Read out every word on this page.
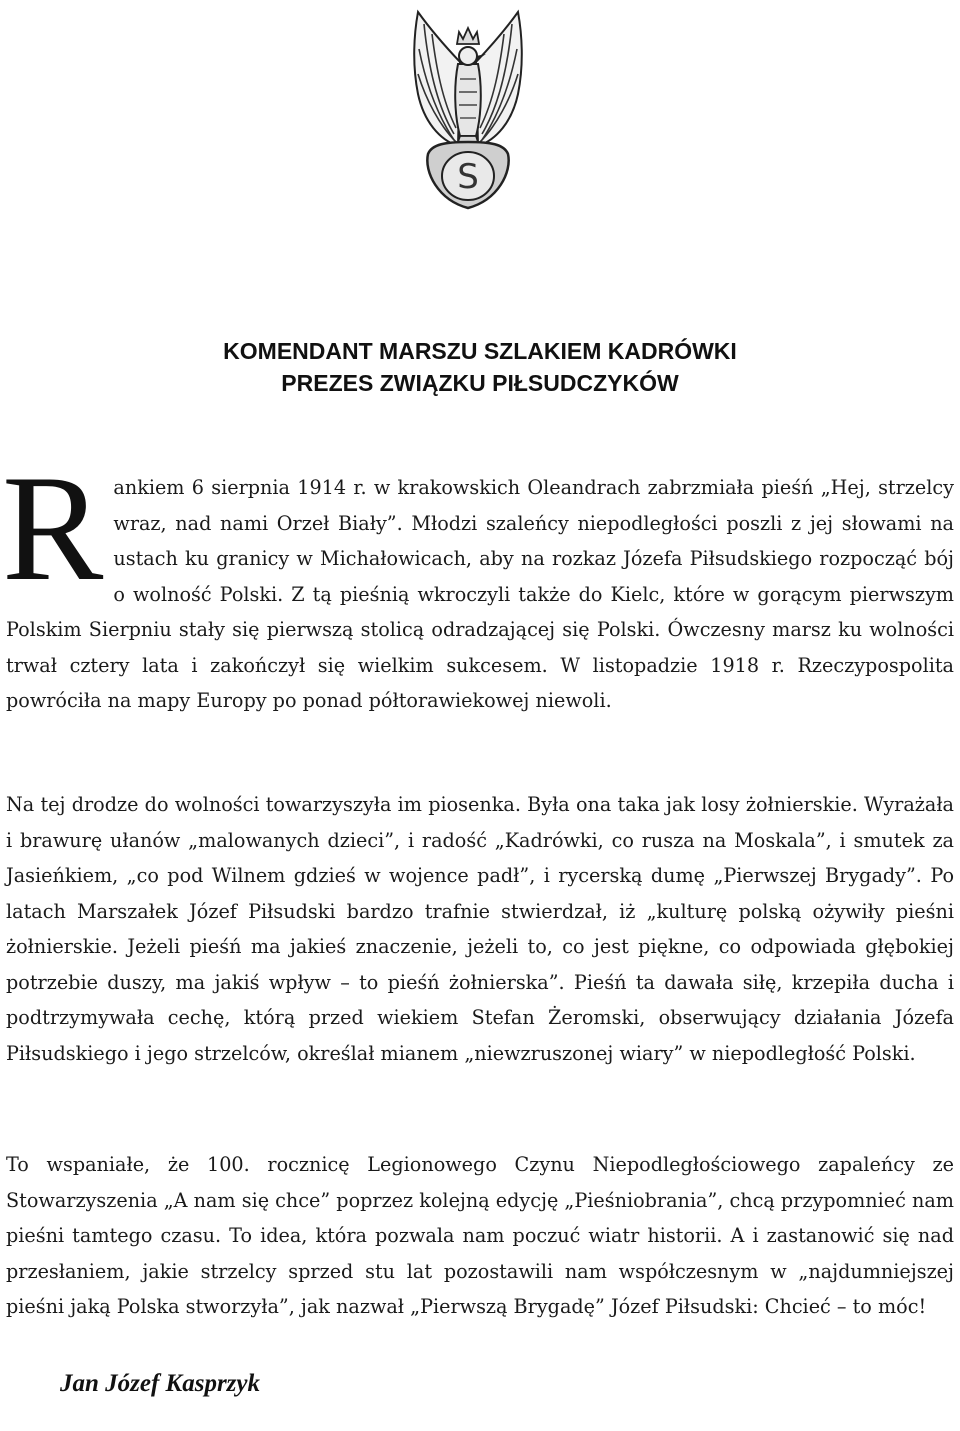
S
KOMENDANT MARSZU SZLAKIEM KADRÓWKI
PREZES ZWIĄZKU PIŁSUDCZYKÓW
R ankiem 6 sierpnia 1914 r. w krakowskich Oleandrach zabrzmiała pieśń „Hej, strzelcy wraz, nad nami Orzeł Biały”. Młodzi szaleńcy niepodległości poszli z jej słowami na ustach ku granicy w Michałowicach, aby na rozkaz Józefa Piłsudskiego rozpocząć bój o wolność Polski. Z tą pieśnią wkroczyli także do Kielc, które w gorącym pierwszym Polskim Sierpniu stały się pierwszą stolicą odradzającej się Polski. Ówczesny marsz ku wolności trwał cztery lata i zakończył się wielkim sukcesem. W listopadzie 1918 r. Rzeczypospolita powróciła na mapy Europy po ponad półtorawiekowej niewoli.
Na tej drodze do wolności towarzyszyła im piosenka. Była ona taka jak losy żołnierskie. Wyrażała i brawurę ułanów „malowanych dzieci”, i radość „Kadrówki, co rusza na Moskala”, i smutek za Jasieńkiem, „co pod Wilnem gdzieś w wojence padł”, i rycerską dumę „Pierwszej Brygady”. Po latach Marszałek Józef Piłsudski bardzo trafnie stwierdzał, iż „kulturę polską ożywiły pieśni żołnierskie. Jeżeli pieśń ma jakieś znaczenie, jeżeli to, co jest piękne, co odpowiada głębokiej potrzebie duszy, ma jakiś wpływ – to pieśń żołnierska”. Pieśń ta dawała siłę, krzepiła ducha i podtrzymywała cechę, którą przed wiekiem Stefan Żeromski, obserwujący działania Józefa Piłsudskiego i jego strzelców, określał mianem „niewzruszonej wiary” w niepodległość Polski.
To wspaniałe, że 100. rocznicę Legionowego Czynu Niepodległościowego zapaleńcy ze Stowarzyszenia „A nam się chce” poprzez kolejną edycję „Pieśniobrania”, chcą przypomnieć nam pieśni tamtego czasu. To idea, która pozwala nam poczuć wiatr historii. A i zastanowić się nad przesłaniem, jakie strzelcy sprzed stu lat pozostawili nam współczesnym w „najdumniejszej pieśni jaką Polska stworzyła”, jak nazwał „Pierwszą Brygadę” Józef Piłsudski: Chcieć – to móc!
Jan Józef Kasprzyk
